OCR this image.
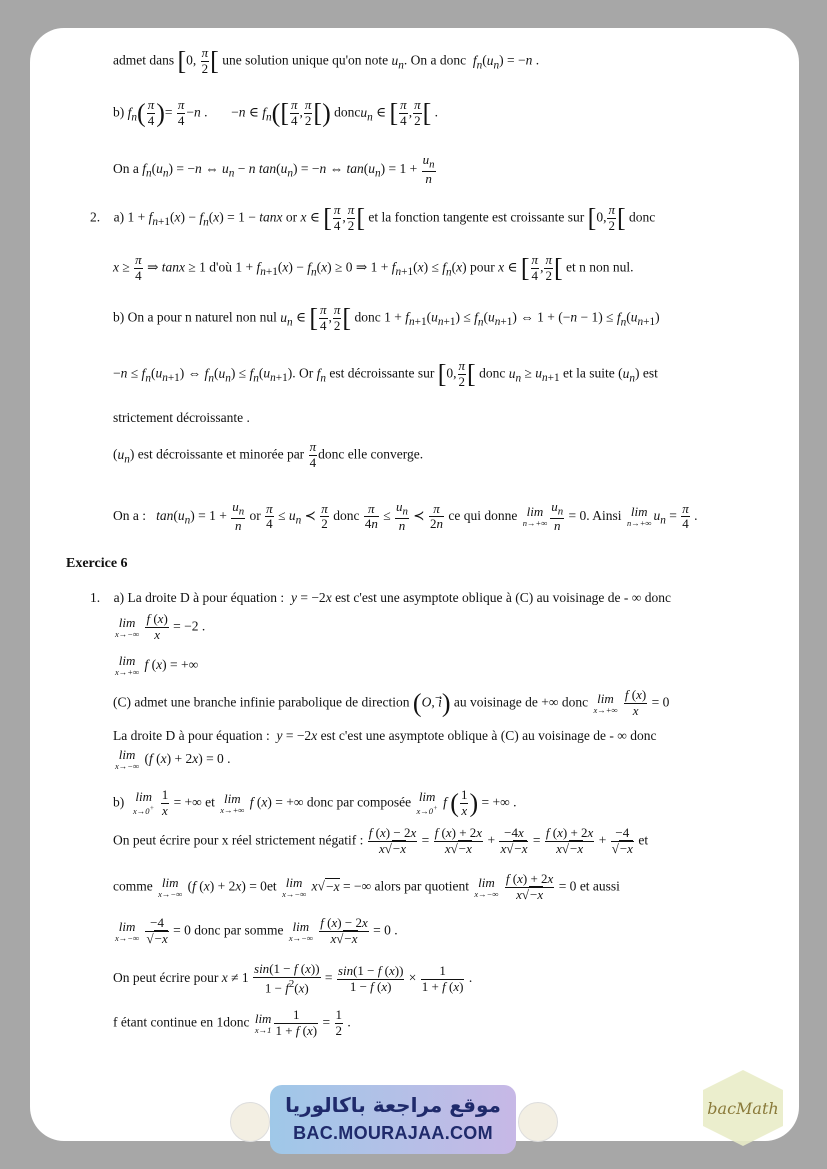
admet dans [0, $\frac{\pi}{2}$ [ une solution unique qu'on note $u_n$. On a donc $f_n(u_n) = -n$ .
b) $f_n( \frac{\pi}{4}$ )= $\frac{\pi}{4} -n$ .       −n ∈ $f_n([ \frac{\pi}{4}$ , $\frac{\pi}{2}$ [) doncu$_n$ ∈ [ $\frac{\pi}{4}$ , $\frac{\pi}{2}$ [ .
On a $f_n(u_n) = -n$ ⇔ $u_n - n$ $\tan(u_n) = -n$ ⇔ $\tan(u_n) = 1 + \frac{u_n}{n}$
2. a) $1 + f_{n+1}(x) - f_n(x) = 1 - \tan x$ or x ∈ [ $\frac{\pi}{4}$ , $\frac{\pi}{2}$ [ et la fonction tangente est croissante sur [0, $\frac{\pi}{2}$ [ donc
$x \ge \frac{\pi}{4}$ ⇒ tanx ≥ 1 d'où $1 + f_{n+1}(x) - f_n(x) \ge 0$ ⇒ $1 + f_{n+1}(x) \le f_n(x)$ pour x ∈ [ $\frac{\pi}{4}$ , $\frac{\pi}{2}$ [ et n non nul.
b) On a pour n naturel non nul $u_n$ ∈ [ $\frac{\pi}{4}$ , $\frac{\pi}{2}$ [ donc $1 + f_{n+1}(u_{n+1}) \le f_n(u_{n+1})$ ⇔ $1 + (-n - 1) \le f_n(u_{n+1})$
$-n \le f_n(u_{n+1})$ ⇔ $f_n(u_n) \le f_n(u_{n+1})$. Or $f_n$ est décroissante sur [0, $\frac{\pi}{2}$ [ donc $u_n \ge u_{n+1}$ et la suite $(u_n)$ est
strictement décroissante .
$(u_n)$ est décroissante et minorée par $\frac{\pi}{4}$ donc elle converge.
On a : $\tan(u_n) = 1 + \frac{u_n}{n}$ or $\frac{\pi}{4} \le u_n$ ≺ $\frac{\pi}{2}$ donc $\frac{\pi}{4n} \le \frac{u_n}{n}$ ≺ $\frac{\pi}{2n}$ ce qui donne lim
$n\to+\infty \frac{u_n}{n} = 0$. Ainsi lim
n→+∞ $u_n = \frac{\pi}{4}$ .
Exercice 6
1. a) La droite D à pour équation : y = −2x est c'est une asymptote oblique à (C) au voisinage de - ∞ donc
lim
x→−∞
$\frac{f (x)}{x} = -2$ .
lim
x→+∞ f (x) = +∞
(C) admet une branche infinie parabolique de direction (O, i) au voisinage de +∞ donc lim
x→+∞
$\frac{f (x)}{x} = 0$
La droite D à pour équation : y = −2x est c'est une asymptote oblique à (C) au voisinage de - ∞ donc
lim
x→−∞ (f (x) + 2x) = 0 .
b) lim
x→0+
$\frac{1}{x}$ = +∞ et lim
x→+∞ f (x) = +∞ donc par composée lim
x→0+ f ( $\frac{1}{x}$ ) = +∞ .
On peut écrire pour x réel strictement négatif : $\frac{f (x) - 2x}{x√-x} = \frac{f (x) + 2x}{x√-x} + \frac{-4x}{x√-x} = \frac{f (x) + 2x}{x√-x} + \frac{-4}{√-x}$ et
comme lim
x→−∞ (f (x) + 2x) = 0et lim
x→−∞ x√−x = −∞ alors par quotient lim
x→−∞
$\frac{f (x) + 2x}{x√-x} = 0$ et aussi
lim
x→−∞
$\frac{-4}{√-x} = 0$ donc par somme lim
x→−∞
$\frac{f (x) - 2x}{x√-x} = 0$ .
On peut écrire pour $x \ne 1 \frac{\sin(1 - f (x))}{1 - f^2(x)} = \frac{\sin(1 - f (x))}{1 - f (x)} \times \frac{1}{1 + f (x)}$ .
f étant continue en 1donc lim
$x\to 1 \frac{1}{1 + f (x)} = \frac{1}{2}$ .
موقع مراجعة باكالوريا
BAC.MOURAJAA.COM
bacMath
